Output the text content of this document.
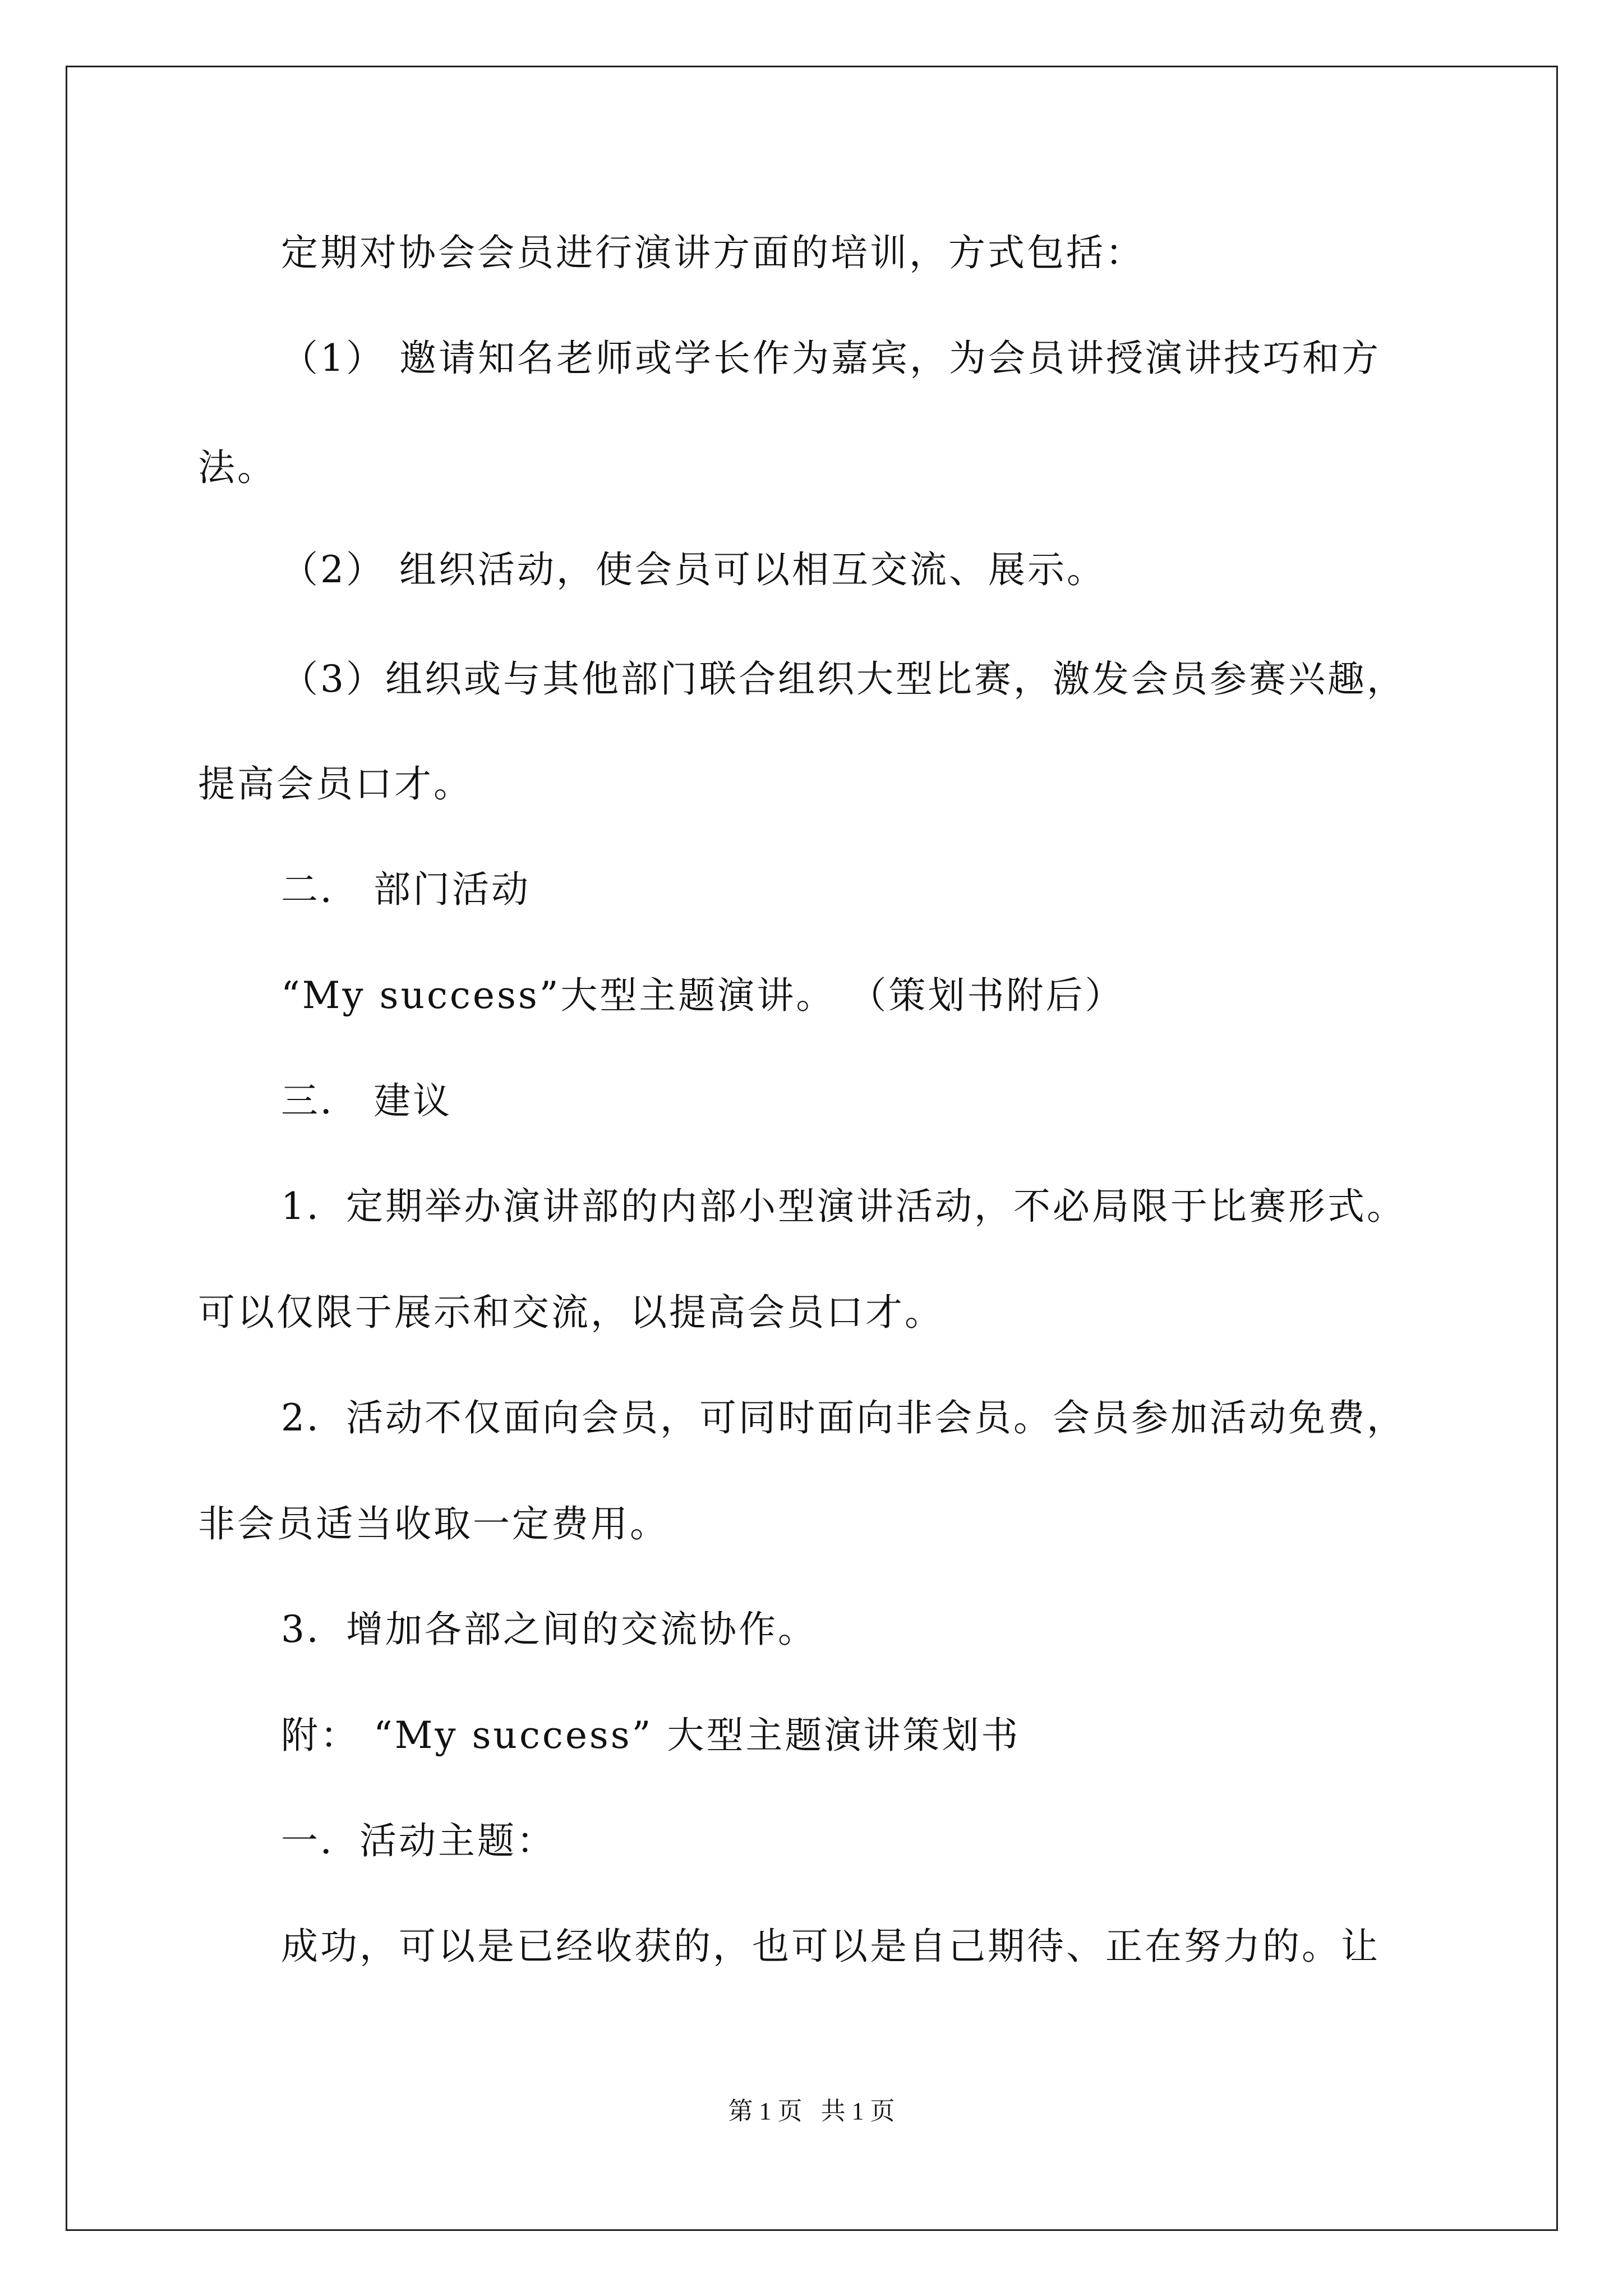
定期对协会会员进行演讲方面的培训，方式包括：
（1） 邀请知名老师或学长作为嘉宾，为会员讲授演讲技巧和方
法。
（2） 组织活动，使会员可以相互交流、展示。
（3）组织或与其他部门联合组织大型比赛，激发会员参赛兴趣，
提高会员口才。
二． 部门活动
“My success”大型主题演讲。 （策划书附后）
三． 建议
1．定期举办演讲部的内部小型演讲活动，不必局限于比赛形式。
可以仅限于展示和交流，以提高会员口才。
2．活动不仅面向会员，可同时面向非会员。会员参加活动免费，
非会员适当收取一定费用。
3．增加各部之间的交流协作。
附： “My success” 大型主题演讲策划书
一．活动主题：
成功，可以是已经收获的，也可以是自己期待、正在努力的。让
第 1 页   共 1 页
